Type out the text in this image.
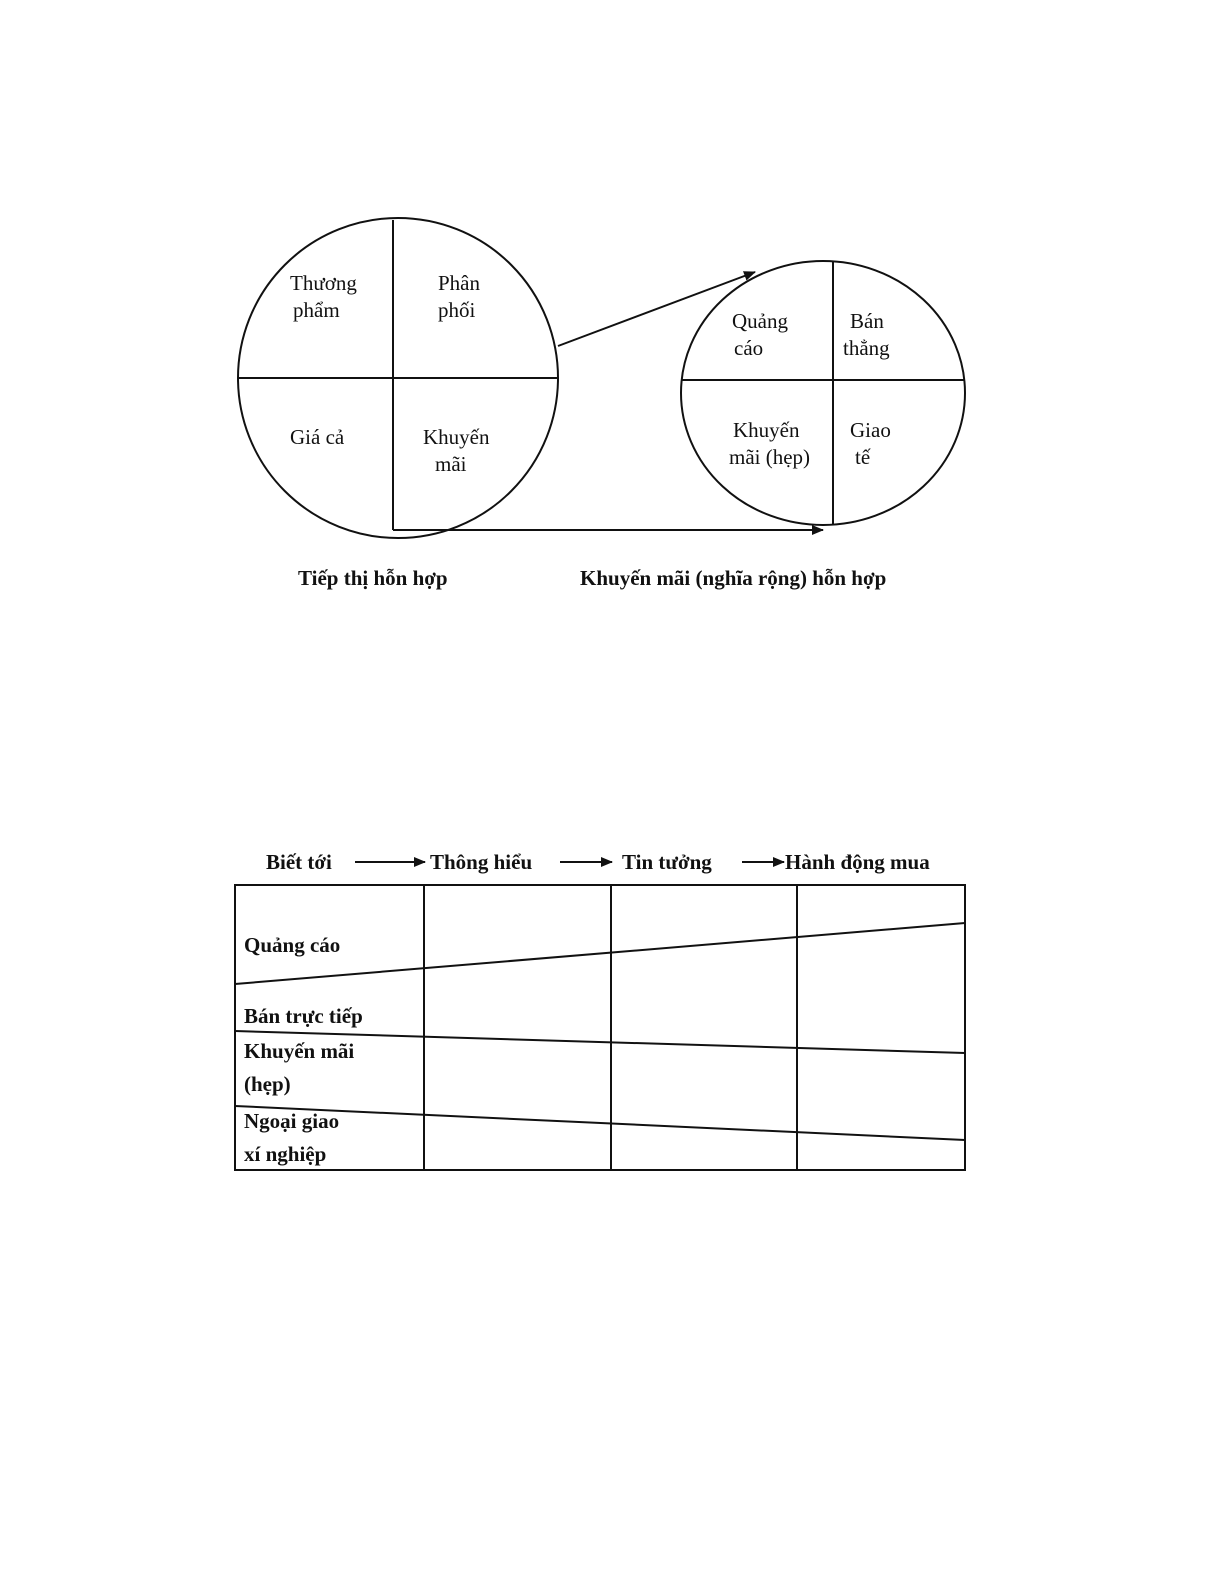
Thương phẩm
Phân phối
Giá cả	Khuyến mãi
Quảng cáo
Bán thẳng
Khuyến mãi (hẹp)
Giao tế
Tiếp thị hỗn hợp	Khuyến mãi (nghĩa rộng) hỗn hợp
Biết tới	Thông hiểu	Tin tưởng	Hành động mua
Quảng cáo
Bán trực tiếp
Khuyến mãi (hẹp)
Ngoại giao xí nghiệp
